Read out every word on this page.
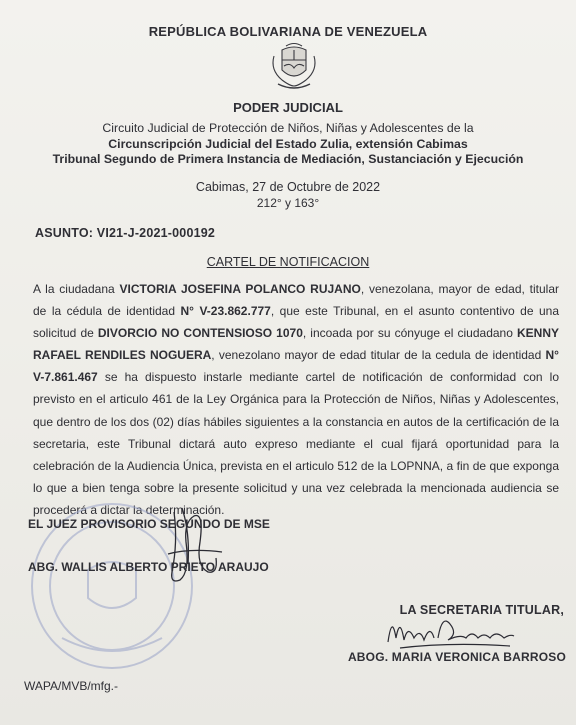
REPÚBLICA BOLIVARIANA DE VENEZUELA
PODER JUDICIAL
Circuito Judicial de Protección de Niños, Niñas y Adolescentes de la
Circunscripción Judicial del Estado Zulia, extensión Cabimas
Tribunal Segundo de Primera Instancia de Mediación, Sustanciación y Ejecución
Cabimas, 27 de Octubre de 2022
212° y 163°
ASUNTO: VI21-J-2021-000192
CARTEL DE NOTIFICACION
A la ciudadana VICTORIA JOSEFINA POLANCO RUJANO, venezolana, mayor de edad, titular de la cédula de identidad N° V-23.862.777, que este Tribunal, en el asunto contentivo de una solicitud de DIVORCIO NO CONTENSIOSO 1070, incoada por su cónyuge el ciudadano KENNY RAFAEL RENDILES NOGUERA, venezolano mayor de edad titular de la cedula de identidad N° V-7.861.467 se ha dispuesto instarle mediante cartel de notificación de conformidad con lo previsto en el articulo 461 de la Ley Orgánica para la Protección de Niños, Niñas y Adolescentes, que dentro de los dos (02) días hábiles siguientes a la constancia en autos de la certificación de la secretaria, este Tribunal dictará auto expreso mediante el cual fijará oportunidad para la celebración de la Audiencia Única, prevista en el articulo 512 de la LOPNNA, a fin de que exponga lo que a bien tenga sobre la presente solicitud y una vez celebrada la mencionada audiencia se procederá a dictar la determinación.
EL JUEZ PROVISORIO SEGUNDO DE MSE
ABG. WALLIS ALBERTO PRIETO ARAUJO
LA SECRETARIA TITULAR,
ABOG. MARIA VERONICA BARROSO
WAPA/MVB/mfg.-
